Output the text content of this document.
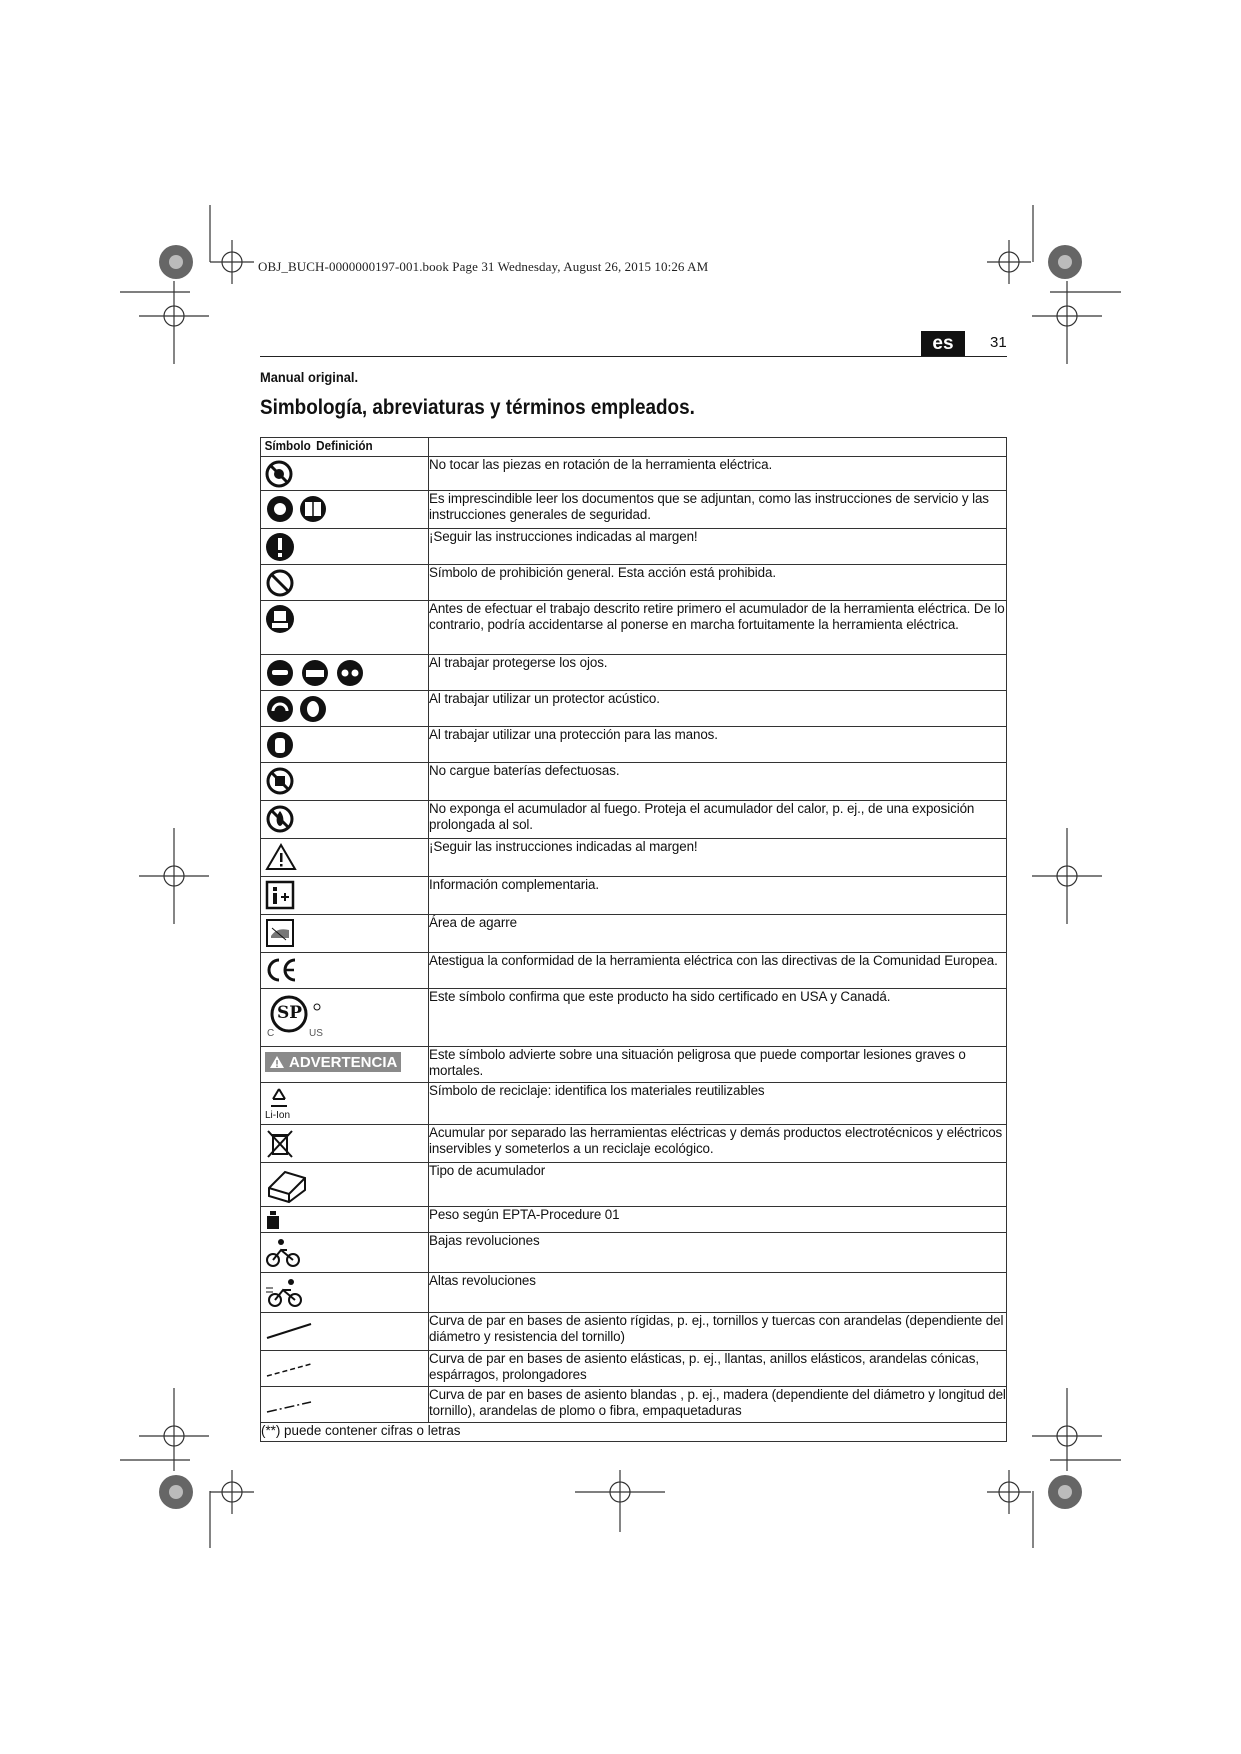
OBJ_BUCH-0000000197-001.book Page 31 Wednesday, August 26, 2015 10:26 AM
es	31
Manual original.
Simbología, abreviaturas y términos empleados.
Símbolo Definición	

	No tocar las piezas en rotación de la herramienta eléctrica.

	Es imprescindible leer los documentos que se adjuntan, como las instrucciones de servicio y las instrucciones generales de seguridad.

	¡Seguir las instrucciones indicadas al margen!

	Símbolo de prohibición general. Esta acción está prohibida.

	Antes de efectuar el trabajo descrito retire primero el acumulador de la herramienta eléctrica. De lo contrario, podría accidentarse al ponerse en marcha fortuitamente la herramienta eléctrica.

	Al trabajar protegerse los ojos.

	Al trabajar utilizar un protector acústico.

	Al trabajar utilizar una protección para las manos.

	No cargue baterías defectuosas.

	No exponga el acumulador al fuego. Proteja el acumulador del calor, p. ej., de una exposición prolongada al sol.

	¡Seguir las instrucciones indicadas al margen!

	Información complementaria.

	Área de agarre

	Atestigua la conformidad de la herramienta eléctrica con las directivas de la Comunidad Europea.

SP
C US	Este símbolo confirma que este producto ha sido certificado en USA y Canadá.

ADVERTENCIA	Este símbolo advierte sobre una situación peligrosa que puede comportar lesiones graves o mortales.

Li-Ion	Símbolo de reciclaje: identifica los materiales reutilizables

	Acumular por separado las herramientas eléctricas y demás productos electrotécnicos y eléctricos inservibles y someterlos a un reciclaje ecológico.

	Tipo de acumulador

	Peso según EPTA-Procedure 01

	Bajas revoluciones

	Altas revoluciones

	Curva de par en bases de asiento rígidas, p. ej., tornillos y tuercas con arandelas (dependiente del diámetro y resistencia del tornillo)

	Curva de par en bases de asiento elásticas, p. ej., llantas, anillos elásticos, arandelas cónicas, espárragos, prolongadores

	Curva de par en bases de asiento blandas , p. ej., madera (dependiente del diámetro y longitud del tornillo), arandelas de plomo o fibra, empaquetaduras
(**) puede contener cifras o letras	
